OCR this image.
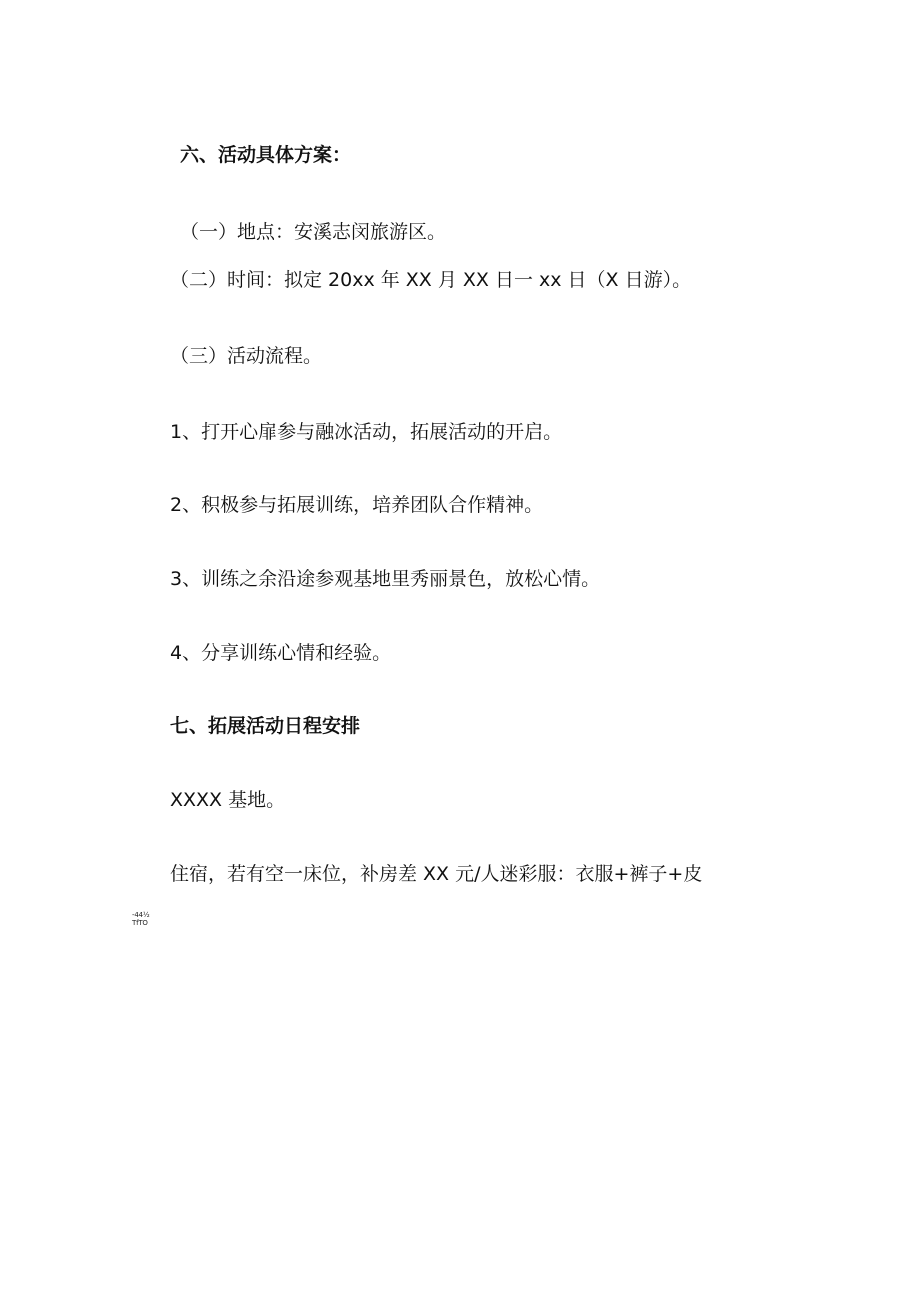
六、活动具体方案：
（一）地点：安溪志闵旅游区。
（二）时间：拟定 20xx 年 XX 月 XX 日一 xx 日（X 日游）。
（三）活动流程。
1、打开心扉参与融冰活动，拓展活动的开启。
2、积极参与拓展训练，培养团队合作精神。
3、训练之余沿途参观基地里秀丽景色，放松心情。
4、分享训练心情和经验。
七、拓展活动日程安排
XXXX 基地。
住宿，若有空一床位，补房差 XX 元/人迷彩服：衣服+裤子+皮
-44½
TfTO
